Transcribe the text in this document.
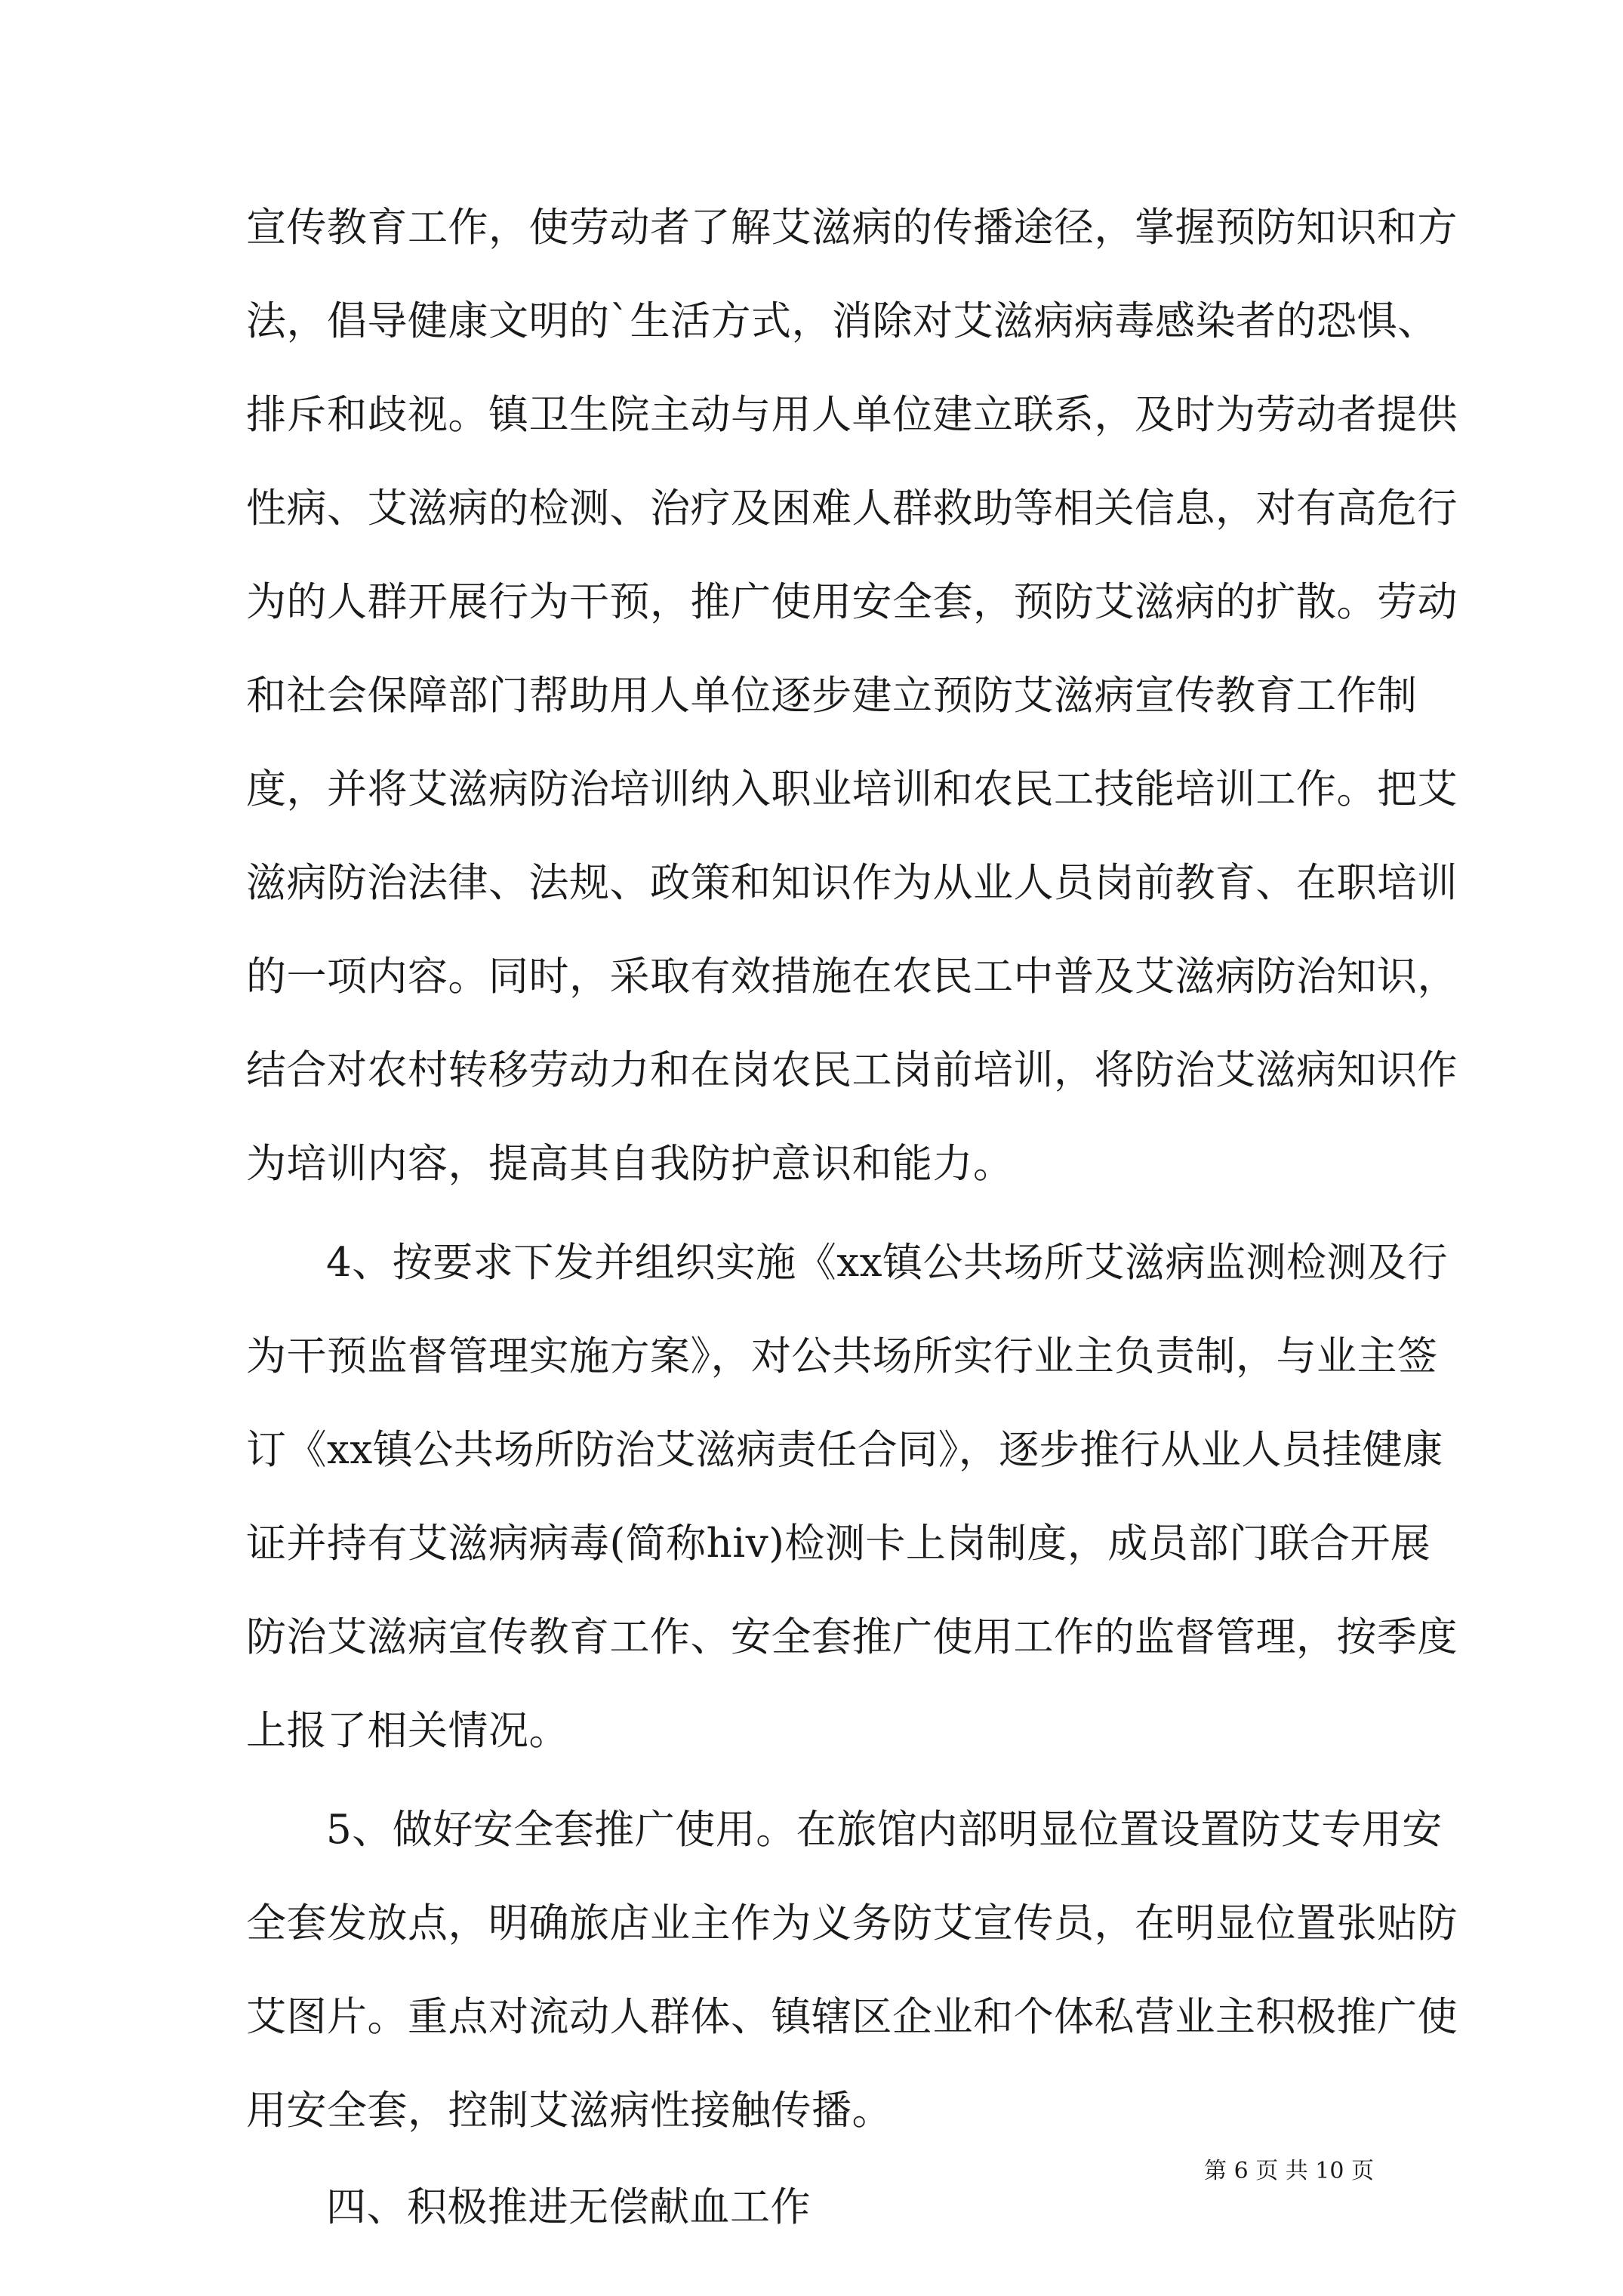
宣传教育工作，使劳动者了解艾滋病的传播途径，掌握预防知识和方
法，倡导健康文明的`生活方式，消除对艾滋病病毒感染者的恐惧、
排斥和歧视。镇卫生院主动与用人单位建立联系，及时为劳动者提供
性病、艾滋病的检测、治疗及困难人群救助等相关信息，对有高危行
为的人群开展行为干预，推广使用安全套，预防艾滋病的扩散。劳动
和社会保障部门帮助用人单位逐步建立预防艾滋病宣传教育工作制
度，并将艾滋病防治培训纳入职业培训和农民工技能培训工作。把艾
滋病防治法律、法规、政策和知识作为从业人员岗前教育、在职培训
的一项内容。同时，采取有效措施在农民工中普及艾滋病防治知识，
结合对农村转移劳动力和在岗农民工岗前培训，将防治艾滋病知识作
为培训内容，提高其自我防护意识和能力。
4、按要求下发并组织实施《xx镇公共场所艾滋病监测检测及行
为干预监督管理实施方案》，对公共场所实行业主负责制，与业主签
订《xx镇公共场所防治艾滋病责任合同》，逐步推行从业人员挂健康
证并持有艾滋病病毒(简称hiv)检测卡上岗制度，成员部门联合开展
防治艾滋病宣传教育工作、安全套推广使用工作的监督管理，按季度
上报了相关情况。
5、做好安全套推广使用。在旅馆内部明显位置设置防艾专用安
全套发放点，明确旅店业主作为义务防艾宣传员，在明显位置张贴防
艾图片。重点对流动人群体、镇辖区企业和个体私营业主积极推广使
用安全套，控制艾滋病性接触传播。
四、积极推进无偿献血工作
第 6 页 共 10 页
